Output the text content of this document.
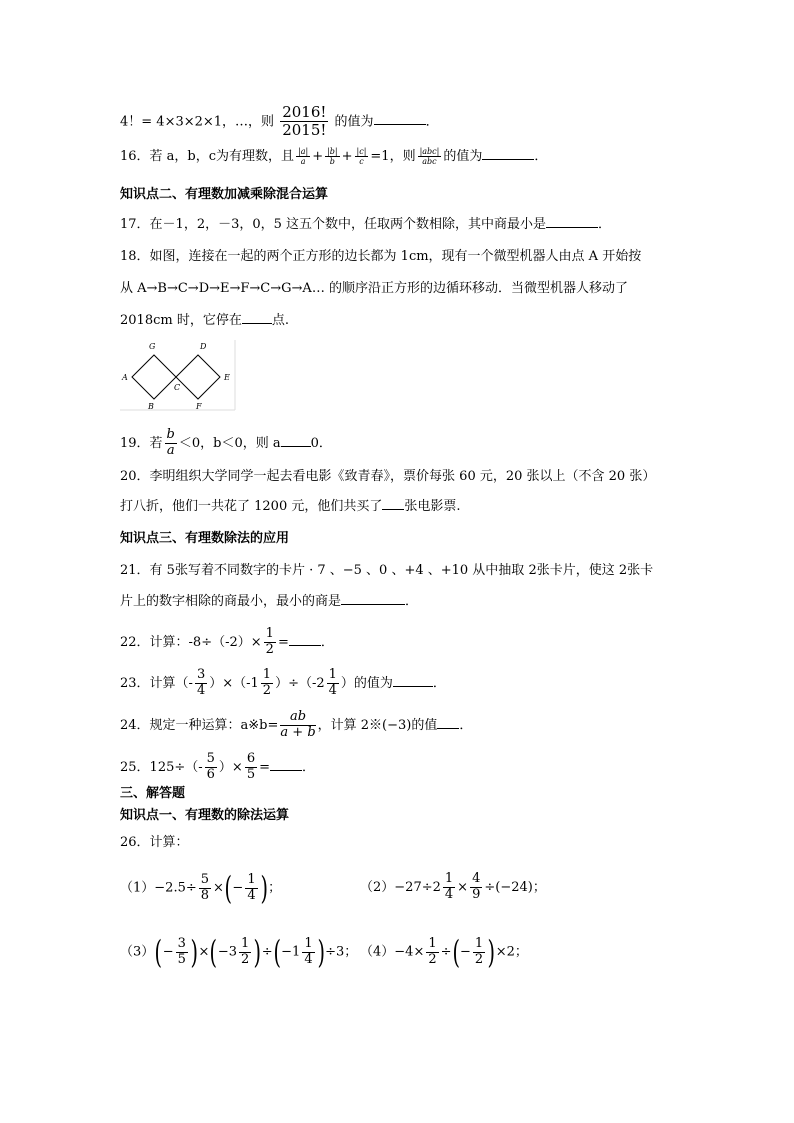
4！= 4×3×2×1，…，则 $\frac{2016!}{2015!}$ 的值为	．
16．若 a，b，c为有理数，且 $\frac{|a|}{a} + \frac{|b|}{b} + \frac{|c|}{c} =1$，则 |abc|
abc 的值为	．
知识点二、有理数加减乘除混合运算
17．在－1，2，－3，0，5 这五个数中，任取两个数相除，其中商最小是	．
18．如图，连接在一起的两个正方形的边长都为 1cm，现有一个微型机器人由点 A 开始按
从 A→B→C→D→E→F→C→G→A… 的顺序沿正方形的边循环移动．当微型机器人移动了
2018cm 时，它停在 点.
G	D
A
C
E
B	F
19．若 $\frac{b}{a} <0$，b＜0，则 a 0．
20．李明组织大学同学一起去看电影《致青春》，票价每张 60 元，20 张以上（不含 20 张）
打八折，他们一共花了 1200 元，他们共买了 张电影票.
知识点三、有理数除法的应用
21．有 5张写着不同数字的卡片 · 7 、−5 、0 、+4 、+10 从中抽取 2张卡片，使这 2张卡
片上的数字相除的商最小，最小的商是	．
22．计算：$-8\div(-2)\times \frac{1}{2}$ = ．
23．计算（- $\frac{3}{4} )\times(-1 \frac{1}{2} )\div(-2 \frac{1}{4}$ ）的值为	．
24．规定一种运算：a※b= $\frac{ab}{a + b}$ ，计算 2※(−3)的值 ．
25．$125\div(- \frac{5}{6}$ ）× $\frac{6}{5}$ = ．
三、解答题
知识点一、有理数的除法运算
26．计算：
$(1)-2.5\div \frac{5}{8}$ ×(− $\frac{1}{4}$ )；	$(2)-27\div 2 \frac{1}{4} \times \frac{4}{9} \div(-24)$；
$(3)(- \frac{3}{5} )\times(-3 \frac{1}{2} )\div(-1 \frac{1}{4} )\div 3$； $(4)-4\times \frac{1}{2}$ ÷(− $\frac{1}{2} )\times 2$；
